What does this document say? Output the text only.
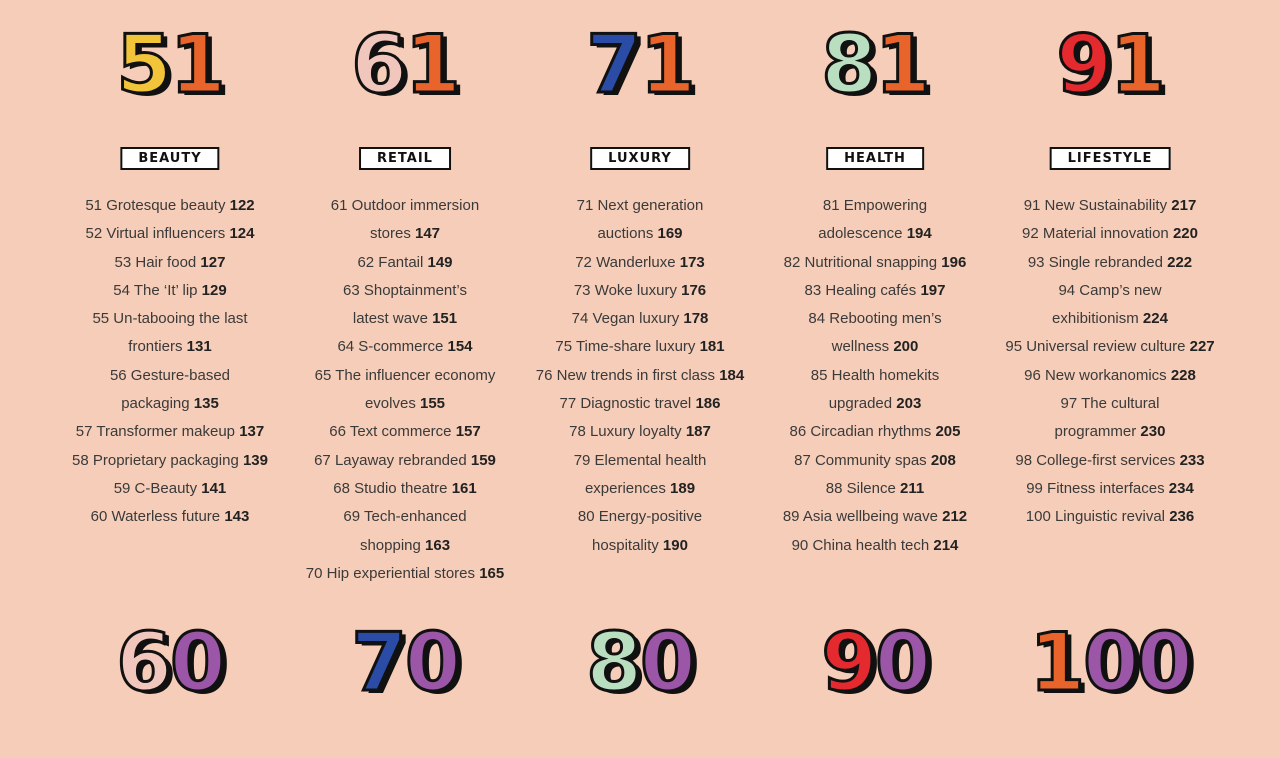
51
BEAUTY
51 Grotesque beauty 122
52 Virtual influencers 124
53 Hair food 127
54 The ‘It’ lip 129
55 Un-tabooing the last
frontiers 131
56 Gesture-based
packaging 135
57 Transformer makeup 137
58 Proprietary packaging 139
59 C-Beauty 141
60 Waterless future 143
60
61
RETAIL
61 Outdoor immersion
stores 147
62 Fantail 149
63 Shoptainment’s
latest wave 151
64 S-commerce 154
65 The influencer economy
evolves 155
66 Text commerce 157
67 Layaway rebranded 159
68 Studio theatre 161
69 Tech-enhanced
shopping 163
70 Hip experiential stores 165
70
71
LUXURY
71 Next generation
auctions 169
72 Wanderluxe 173
73 Woke luxury 176
74 Vegan luxury 178
75 Time-share luxury 181
76 New trends in first class 184
77 Diagnostic travel 186
78 Luxury loyalty 187
79 Elemental health
experiences 189
80 Energy-positive
hospitality 190
80
81
HEALTH
81 Empowering
adolescence 194
82 Nutritional snapping 196
83 Healing cafés 197
84 Rebooting men’s
wellness 200
85 Health homekits
upgraded 203
86 Circadian rhythms 205
87 Community spas 208
88 Silence 211
89 Asia wellbeing wave 212
90 China health tech 214
90
91
LIFESTYLE
91 New Sustainability 217
92 Material innovation 220
93 Single rebranded 222
94 Camp’s new
exhibitionism 224
95 Universal review culture 227
96 New workanomics 228
97 The cultural
programmer 230
98 College-first services 233
99 Fitness interfaces 234
100 Linguistic revival 236
100
